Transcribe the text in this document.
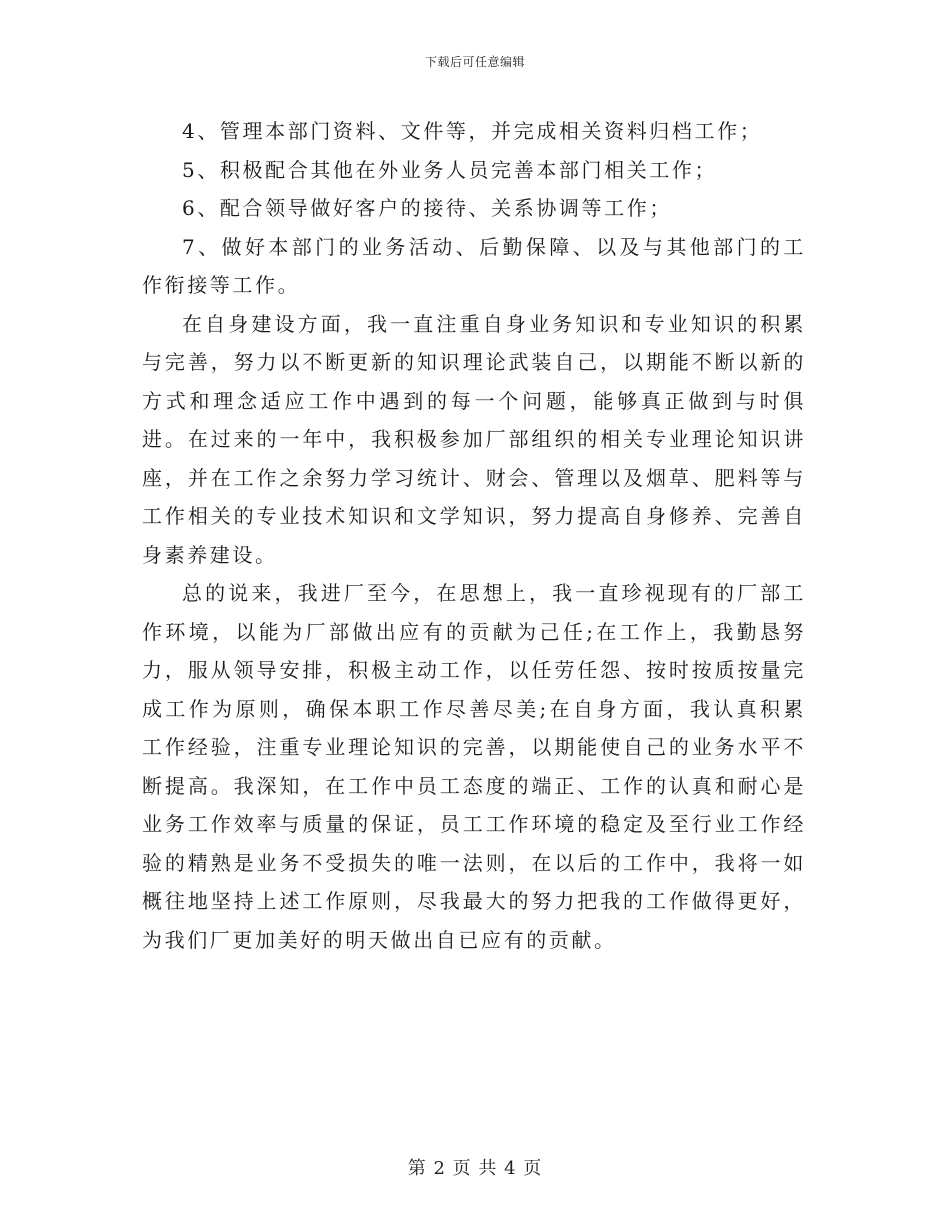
下载后可任意编辑

4、管理本部门资料、文件等，并完成相关资料归档工作；

5、积极配合其他在外业务人员完善本部门相关工作；

6、配合领导做好客户的接待、关系协调等工作；

7、做好本部门的业务活动、后勤保障、以及与其他部门的工作衔接等工作。

在自身建设方面，我一直注重自身业务知识和专业知识的积累与完善，努力以不断更新的知识理论武装自己，以期能不断以新的方式和理念适应工作中遇到的每一个问题，能够真正做到与时俱进。在过来的一年中，我积极参加厂部组织的相关专业理论知识讲座，并在工作之余努力学习统计、财会、管理以及烟草、肥料等与工作相关的专业技术知识和文学知识，努力提高自身修养、完善自身素养建设。

总的说来，我进厂至今，在思想上，我一直珍视现有的厂部工作环境，以能为厂部做出应有的贡献为己任;在工作上，我勤恳努力，服从领导安排，积极主动工作，以任劳任怨、按时按质按量完成工作为原则，确保本职工作尽善尽美;在自身方面，我认真积累工作经验，注重专业理论知识的完善，以期能使自己的业务水平不断提高。我深知，在工作中员工态度的端正、工作的认真和耐心是业务工作效率与质量的保证，员工工作环境的稳定及至行业工作经验的精熟是业务不受损失的唯一法则，在以后的工作中，我将一如概往地坚持上述工作原则，尽我最大的努力把我的工作做得更好，为我们厂更加美好的明天做出自已应有的贡献。

第 2 页 共 4 页
